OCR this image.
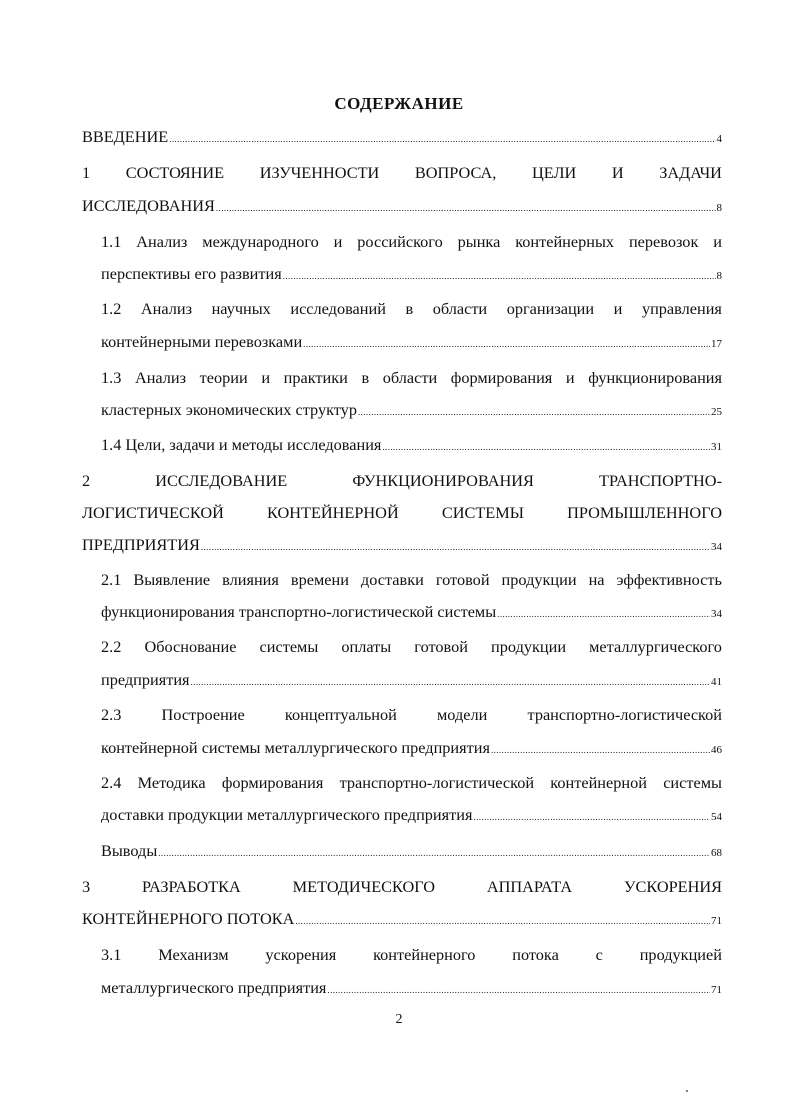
СОДЕРЖАНИЕ
ВВЕДЕНИЕ .....	4
1 СОСТОЯНИЕ ИЗУЧЕННОСТИ ВОПРОСА, ЦЕЛИ И ЗАДАЧИ
ИССЛЕДОВАНИЯ .....	8
1.1 Анализ международного и российского рынка контейнерных перевозок и
перспективы его развития .....	8
1.2 Анализ научных исследований в области организации и управления
контейнерными перевозками .....	17
1.3 Анализ теории и практики в области формирования и функционирования
кластерных экономических структур .....	25
1.4 Цели, задачи и методы исследования .....	31
2	ИССЛЕДОВАНИЕ	ФУНКЦИОНИРОВАНИЯ	ТРАНСПОРТНО-
ЛОГИСТИЧЕСКОЙ	КОНТЕЙНЕРНОЙ	СИСТЕМЫ	ПРОМЫШЛЕННОГО
ПРЕДПРИЯТИЯ .....	34
2.1 Выявление влияния времени доставки готовой продукции на эффективность
функционирования транспортно-логистической системы .....	34
2.2 Обоснование системы оплаты готовой продукции металлургического
предприятия .....	41
2.3 Построение концептуальной модели транспортно-логистической
контейнерной системы металлургического предприятия .....	46
2.4 Методика формирования транспортно-логистической контейнерной системы
доставки продукции металлургического предприятия .....	54
Выводы .....	68
3	РАЗРАБОТКА	МЕТОДИЧЕСКОГО	АППАРАТА	УСКОРЕНИЯ
КОНТЕЙНЕРНОГО ПОТОКА .....	71
3.1 Механизм ускорения контейнерного потока с продукцией
металлургического предприятия .....	71
2
